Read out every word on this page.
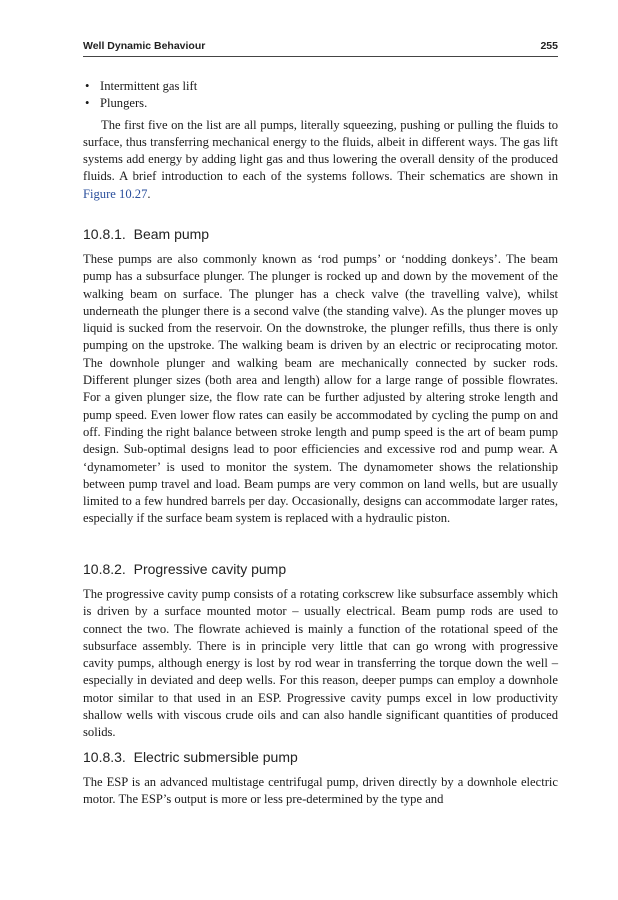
Well Dynamic Behaviour	255
• Intermittent gas lift
• Plungers.

The first five on the list are all pumps, literally squeezing, pushing or pulling the fluids to surface, thus transferring mechanical energy to the fluids, albeit in different ways. The gas lift systems add energy by adding light gas and thus lowering the overall density of the produced fluids. A brief introduction to each of the systems follows. Their schematics are shown in Figure 10.27.

10.8.1. Beam pump

These pumps are also commonly known as ‘rod pumps’ or ‘nodding donkeys’. The beam pump has a subsurface plunger. The plunger is rocked up and down by the movement of the walking beam on surface. The plunger has a check valve (the travelling valve), whilst underneath the plunger there is a second valve (the standing valve). As the plunger moves up liquid is sucked from the reservoir. On the downstroke, the plunger refills, thus there is only pumping on the upstroke. The walking beam is driven by an electric or reciprocating motor. The downhole plunger and walking beam are mechanically connected by sucker rods. Different plunger sizes (both area and length) allow for a large range of possible flowrates. For a given plunger size, the flow rate can be further adjusted by altering stroke length and pump speed. Even lower flow rates can easily be accommodated by cycling the pump on and off. Finding the right balance between stroke length and pump speed is the art of beam pump design. Sub-optimal designs lead to poor efficiencies and excessive rod and pump wear. A ‘dynamometer’ is used to monitor the system. The dynamometer shows the relationship between pump travel and load. Beam pumps are very common on land wells, but are usually limited to a few hundred barrels per day. Occasionally, designs can accommodate larger rates, especially if the surface beam system is replaced with a hydraulic piston.

10.8.2. Progressive cavity pump

The progressive cavity pump consists of a rotating corkscrew like subsurface assembly which is driven by a surface mounted motor – usually electrical. Beam pump rods are used to connect the two. The flowrate achieved is mainly a function of the rotational speed of the subsurface assembly. There is in principle very little that can go wrong with progressive cavity pumps, although energy is lost by rod wear in transferring the torque down the well – especially in deviated and deep wells. For this reason, deeper pumps can employ a downhole motor similar to that used in an ESP. Progressive cavity pumps excel in low productivity shallow wells with viscous crude oils and can also handle significant quantities of produced solids.

10.8.3. Electric submersible pump

The ESP is an advanced multistage centrifugal pump, driven directly by a downhole electric motor. The ESP’s output is more or less pre-determined by the type and
